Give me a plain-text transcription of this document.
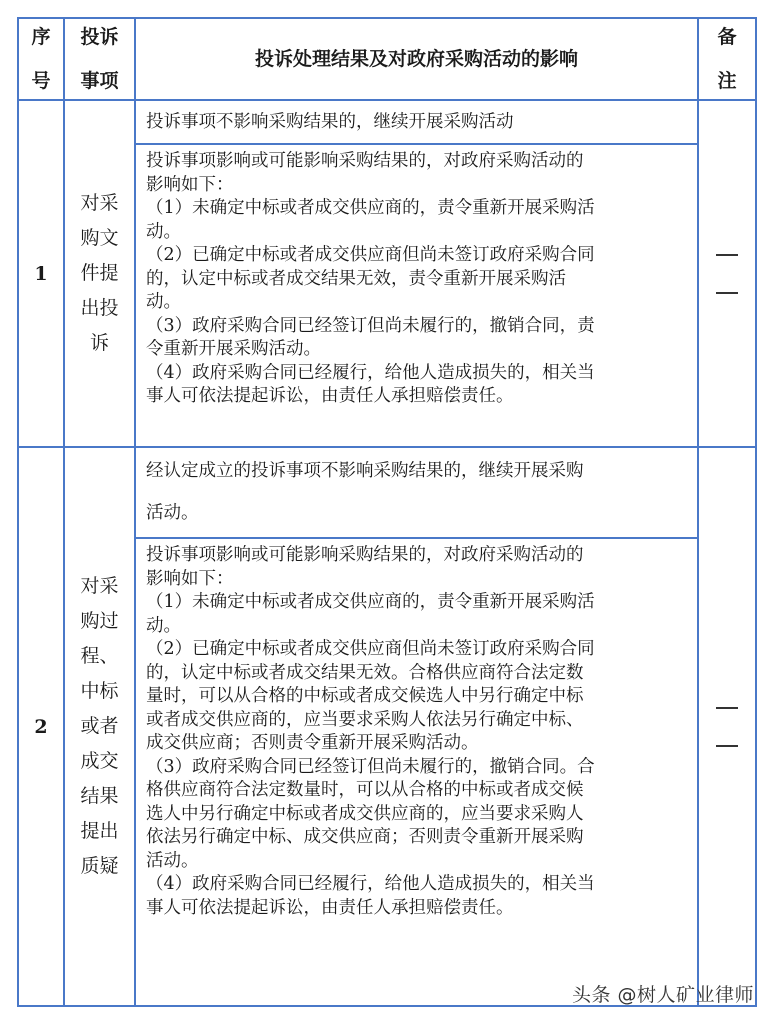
序
号
投诉
事项
投诉处理结果及对政府采购活动的影响
备
注
1
对采
购文
件提
出投
诉

投诉事项不影响采购结果的，继续开展采购活动

投诉事项影响或可能影响采购结果的，对政府采购活动的

影响如下：

（1）未确定中标或者成交供应商的，责令重新开展采购活

动。

（2）已确定中标或者成交供应商但尚未签订政府采购合同

的，认定中标或者成交结果无效，责令重新开展采购活

动。

（3）政府采购合同已经签订但尚未履行的，撤销合同，责

令重新开展采购活动。

（4）政府采购合同已经履行，给他人造成损失的，相关当

事人可依法提起诉讼，由责任人承担赔偿责任。

2
对采
购过
程、
中标
或者
成交
结果
提出
质疑

经认定成立的投诉事项不影响采购结果的，继续开展采购

活动。

投诉事项影响或可能影响采购结果的，对政府采购活动的

影响如下：

（1）未确定中标或者成交供应商的，责令重新开展采购活

动。

（2）已确定中标或者成交供应商但尚未签订政府采购合同

的，认定中标或者成交结果无效。合格供应商符合法定数

量时，可以从合格的中标或者成交候选人中另行确定中标

或者成交供应商的，应当要求采购人依法另行确定中标、

成交供应商；否则责令重新开展采购活动。

（3）政府采购合同已经签订但尚未履行的，撤销合同。合

格供应商符合法定数量时，可以从合格的中标或者成交候

选人中另行确定中标或者成交供应商的，应当要求采购人

依法另行确定中标、成交供应商；否则责令重新开展采购

活动。

（4）政府采购合同已经履行，给他人造成损失的，相关当

事人可依法提起诉讼，由责任人承担赔偿责任。

头条 @树人矿业律师
